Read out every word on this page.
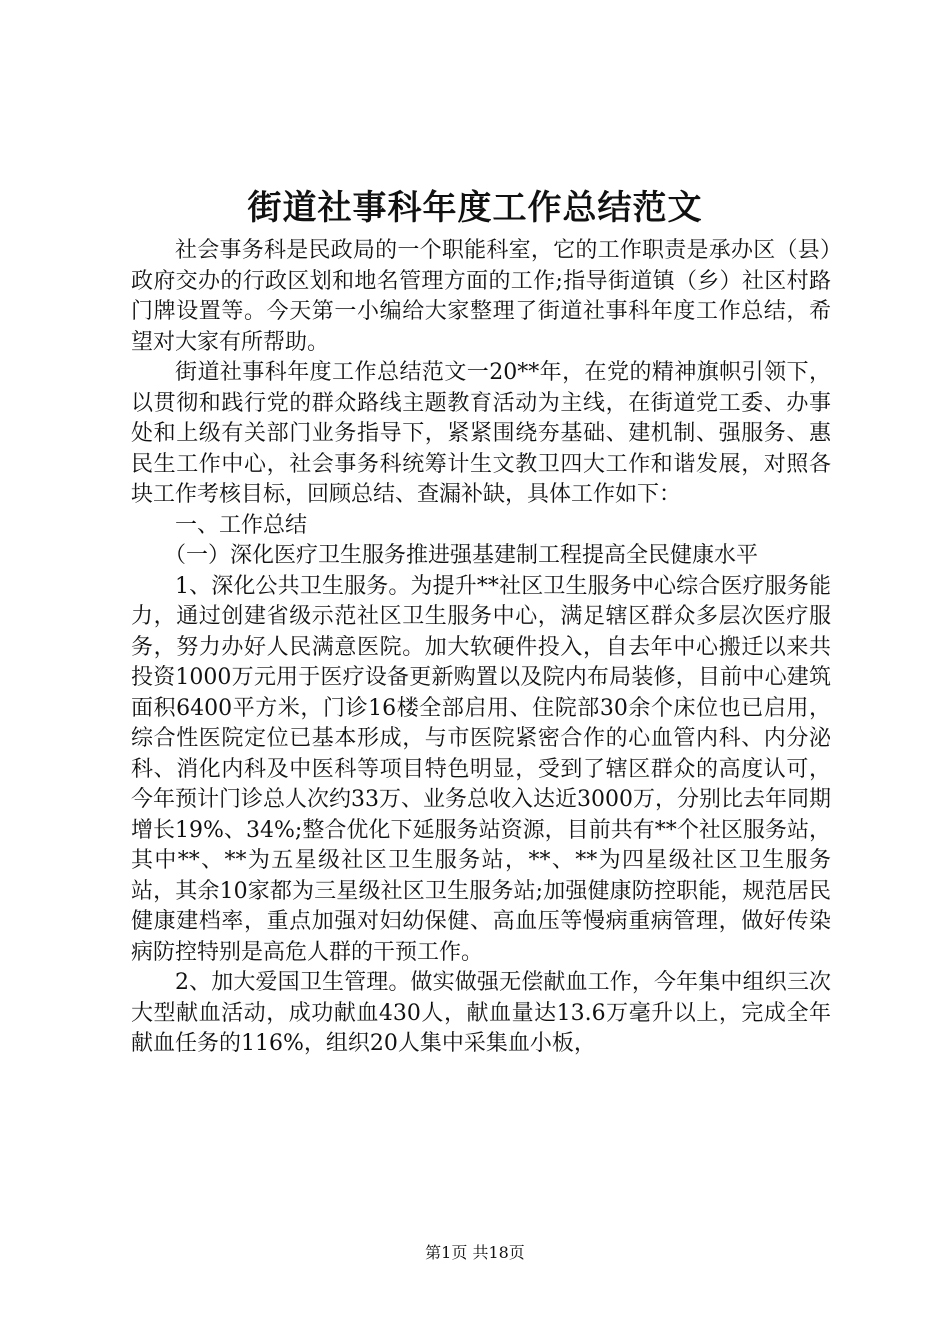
街道社事科年度工作总结范文

社会事务科是民政局的一个职能科室，它的工作职责是承办区（县）政府交办的行政区划和地名管理方面的工作;指导街道镇（乡）社区村路门牌设置等。今天第一小编给大家整理了街道社事科年度工作总结，希望对大家有所帮助。

街道社事科年度工作总结范文一20**年，在党的精神旗帜引领下，以贯彻和践行党的群众路线主题教育活动为主线，在街道党工委、办事处和上级有关部门业务指导下，紧紧围绕夯基础、建机制、强服务、惠民生工作中心，社会事务科统筹计生文教卫四大工作和谐发展，对照各块工作考核目标，回顾总结、查漏补缺，具体工作如下：

一、工作总结

（一）深化医疗卫生服务推进强基建制工程提高全民健康水平

1、深化公共卫生服务。为提升**社区卫生服务中心综合医疗服务能力，通过创建省级示范社区卫生服务中心，满足辖区群众多层次医疗服务，努力办好人民满意医院。加大软硬件投入，自去年中心搬迁以来共投资1000万元用于医疗设备更新购置以及院内布局装修，目前中心建筑面积6400平方米，门诊16楼全部启用、住院部30余个床位也已启用，综合性医院定位已基本形成，与市医院紧密合作的心血管内科、内分泌科、消化内科及中医科等项目特色明显，受到了辖区群众的高度认可，今年预计门诊总人次约33万、业务总收入达近3000万，分别比去年同期增长19%、34%;整合优化下延服务站资源，目前共有**个社区服务站，其中**、**为五星级社区卫生服务站，**、**为四星级社区卫生服务站，其余10家都为三星级社区卫生服务站;加强健康防控职能，规范居民健康建档率，重点加强对妇幼保健、高血压等慢病重病管理，做好传染病防控特别是高危人群的干预工作。

2、加大爱国卫生管理。做实做强无偿献血工作，今年集中组织三次大型献血活动，成功献血430人，献血量达13.6万毫升以上，完成全年献血任务的116%，组织20人集中采集血小板，

第1页 共18页
